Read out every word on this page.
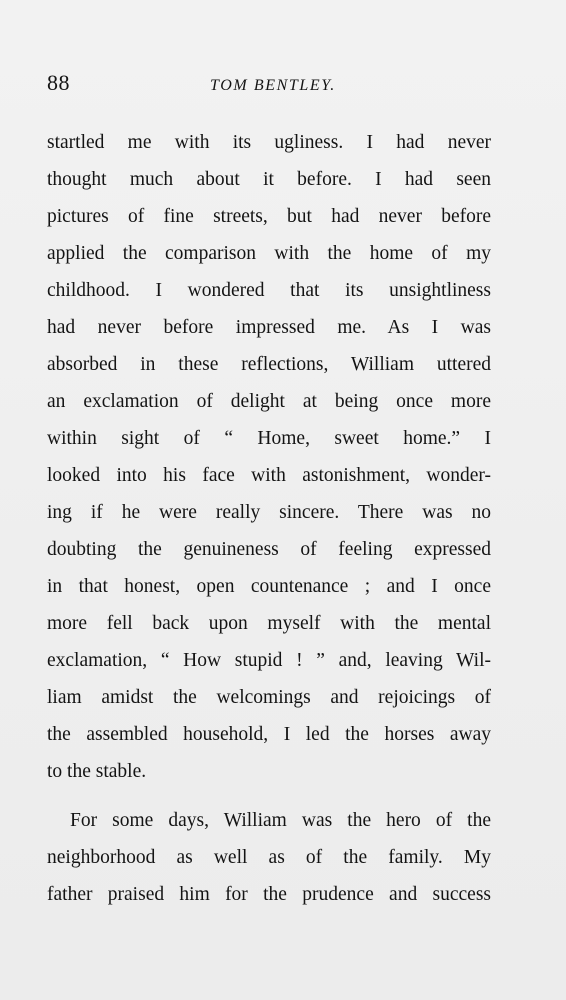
88	TOM BENTLEY.
startled me with its ugliness. I had never
thought much about it before. I had seen
pictures of fine streets, but had never before
applied the comparison with the home of my
childhood. I wondered that its unsightliness
had never before impressed me. As I was
absorbed in these reflections, William uttered
an exclamation of delight at being once more
within sight of “ Home, sweet home.” I
looked into his face with astonishment, wonder-
ing if he were really sincere. There was no
doubting the genuineness of feeling expressed
in that honest, open countenance ; and I once
more fell back upon myself with the mental
exclamation, “ How stupid ! ” and, leaving Wil-
liam amidst the welcomings and rejoicings of
the assembled household, I led the horses away
to the stable.
For some days, William was the hero of the
neighborhood as well as of the family. My
father praised him for the prudence and success
